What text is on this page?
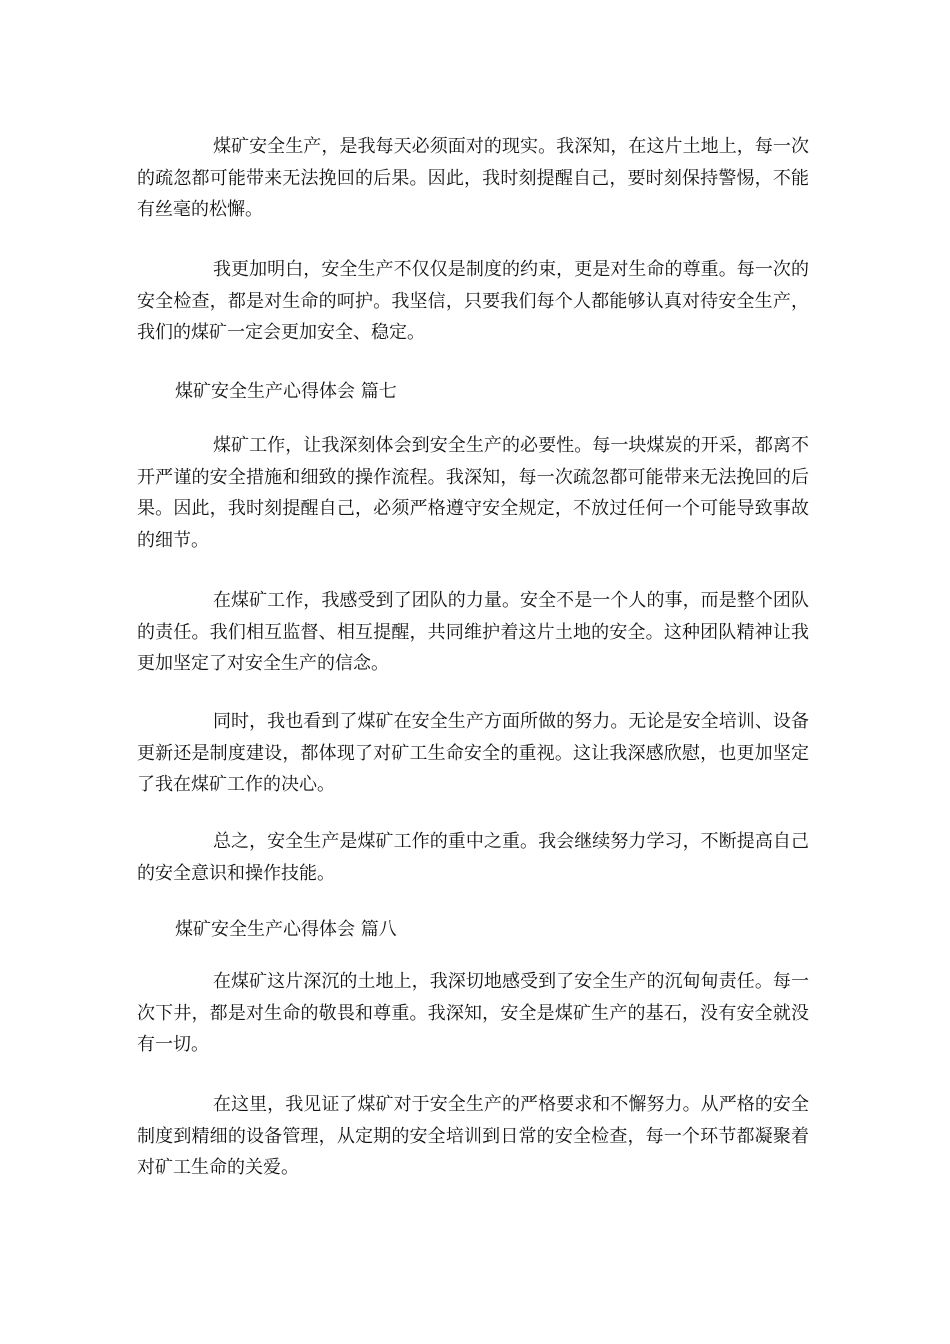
煤矿安全生产，是我每天必须面对的现实。我深知，在这片土地上，每一次的疏忽都可能带来无法挽回的后果。因此，我时刻提醒自己，要时刻保持警惕，不能有丝毫的松懈。

我更加明白，安全生产不仅仅是制度的约束，更是对生命的尊重。每一次的安全检查，都是对生命的呵护。我坚信，只要我们每个人都能够认真对待安全生产，我们的煤矿一定会更加安全、稳定。

煤矿安全生产心得体会 篇七

煤矿工作，让我深刻体会到安全生产的必要性。每一块煤炭的开采，都离不开严谨的安全措施和细致的操作流程。我深知，每一次疏忽都可能带来无法挽回的后果。因此，我时刻提醒自己，必须严格遵守安全规定，不放过任何一个可能导致事故的细节。

在煤矿工作，我感受到了团队的力量。安全不是一个人的事，而是整个团队的责任。我们相互监督、相互提醒，共同维护着这片土地的安全。这种团队精神让我更加坚定了对安全生产的信念。

同时，我也看到了煤矿在安全生产方面所做的努力。无论是安全培训、设备更新还是制度建设，都体现了对矿工生命安全的重视。这让我深感欣慰，也更加坚定了我在煤矿工作的决心。

总之，安全生产是煤矿工作的重中之重。我会继续努力学习，不断提高自己的安全意识和操作技能。

煤矿安全生产心得体会 篇八

在煤矿这片深沉的土地上，我深切地感受到了安全生产的沉甸甸责任。每一次下井，都是对生命的敬畏和尊重。我深知，安全是煤矿生产的基石，没有安全就没有一切。

在这里，我见证了煤矿对于安全生产的严格要求和不懈努力。从严格的安全制度到精细的设备管理，从定期的安全培训到日常的安全检查，每一个环节都凝聚着对矿工生命的关爱。
